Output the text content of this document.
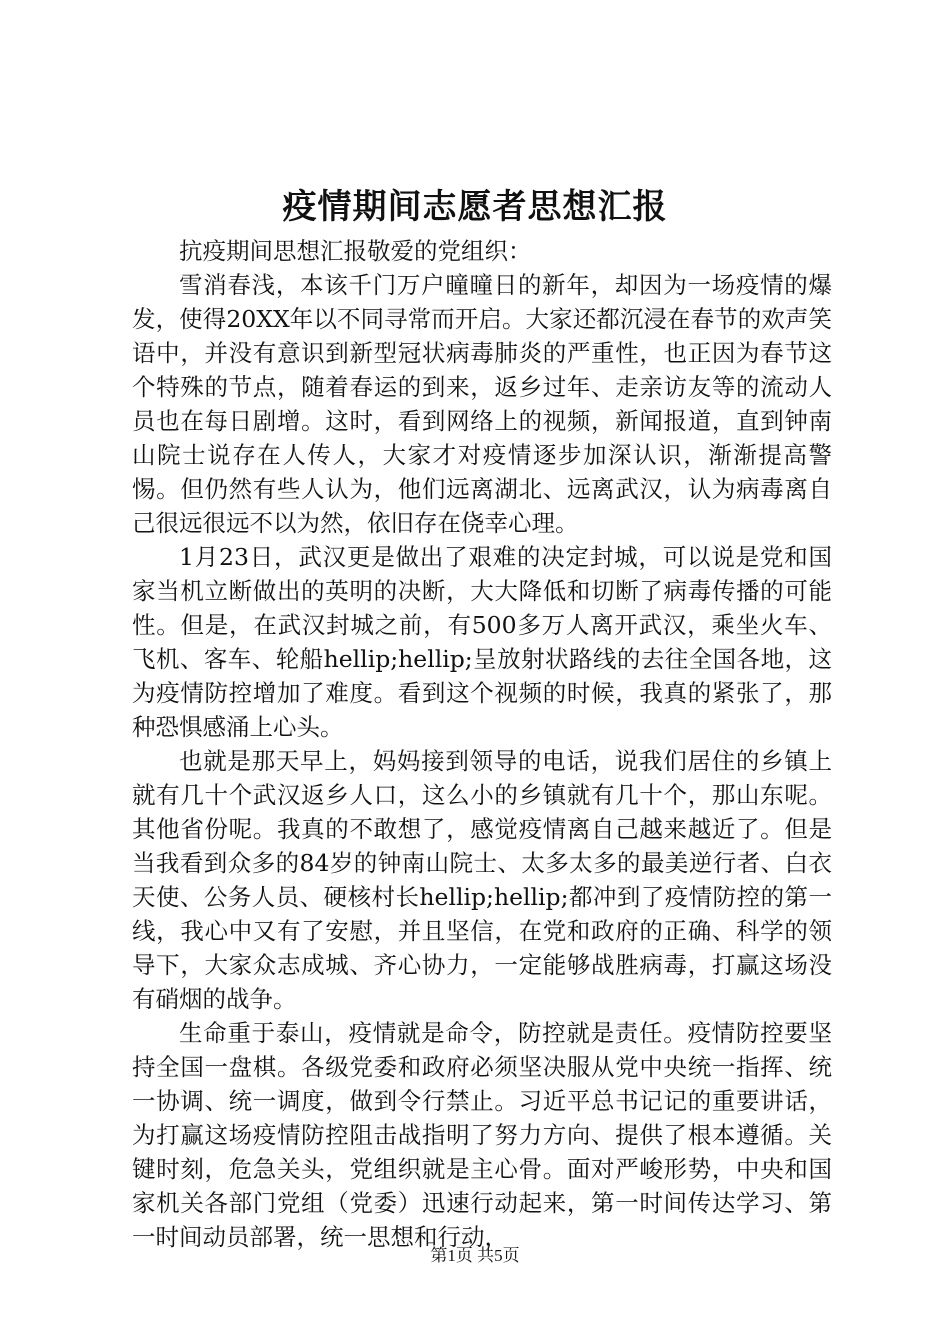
疫情期间志愿者思想汇报

抗疫期间思想汇报敬爱的党组织：

雪消春浅，本该千门万户曈曈日的新年，却因为一场疫情的爆发，使得20XX年以不同寻常而开启。大家还都沉浸在春节的欢声笑语中，并没有意识到新型冠状病毒肺炎的严重性，也正因为春节这个特殊的节点，随着春运的到来，返乡过年、走亲访友等的流动人员也在每日剧增。这时，看到网络上的视频，新闻报道，直到钟南山院士说存在人传人，大家才对疫情逐步加深认识，渐渐提高警惕。但仍然有些人认为，他们远离湖北、远离武汉，认为病毒离自己很远很远不以为然，依旧存在侥幸心理。

1月23日，武汉更是做出了艰难的决定封城，可以说是党和国家当机立断做出的英明的决断，大大降低和切断了病毒传播的可能性。但是，在武汉封城之前，有500多万人离开武汉，乘坐火车、飞机、客车、轮船hellip;hellip;呈放射状路线的去往全国各地，这为疫情防控增加了难度。看到这个视频的时候，我真的紧张了，那种恐惧感涌上心头。

也就是那天早上，妈妈接到领导的电话，说我们居住的乡镇上就有几十个武汉返乡人口，这么小的乡镇就有几十个，那山东呢。其他省份呢。我真的不敢想了，感觉疫情离自己越来越近了。但是当我看到众多的84岁的钟南山院士、太多太多的最美逆行者、白衣天使、公务人员、硬核村长hellip;hellip;都冲到了疫情防控的第一线，我心中又有了安慰，并且坚信，在党和政府的正确、科学的领导下，大家众志成城、齐心协力，一定能够战胜病毒，打赢这场没有硝烟的战争。

生命重于泰山，疫情就是命令，防控就是责任。疫情防控要坚持全国一盘棋。各级党委和政府必须坚决服从党中央统一指挥、统一协调、统一调度，做到令行禁止。习近平总书记记的重要讲话，为打赢这场疫情防控阻击战指明了努力方向、提供了根本遵循。关键时刻，危急关头，党组织就是主心骨。面对严峻形势，中央和国家机关各部门党组（党委）迅速行动起来，第一时间传达学习、第一时间动员部署，统一思想和行动，

第1页 共5页
